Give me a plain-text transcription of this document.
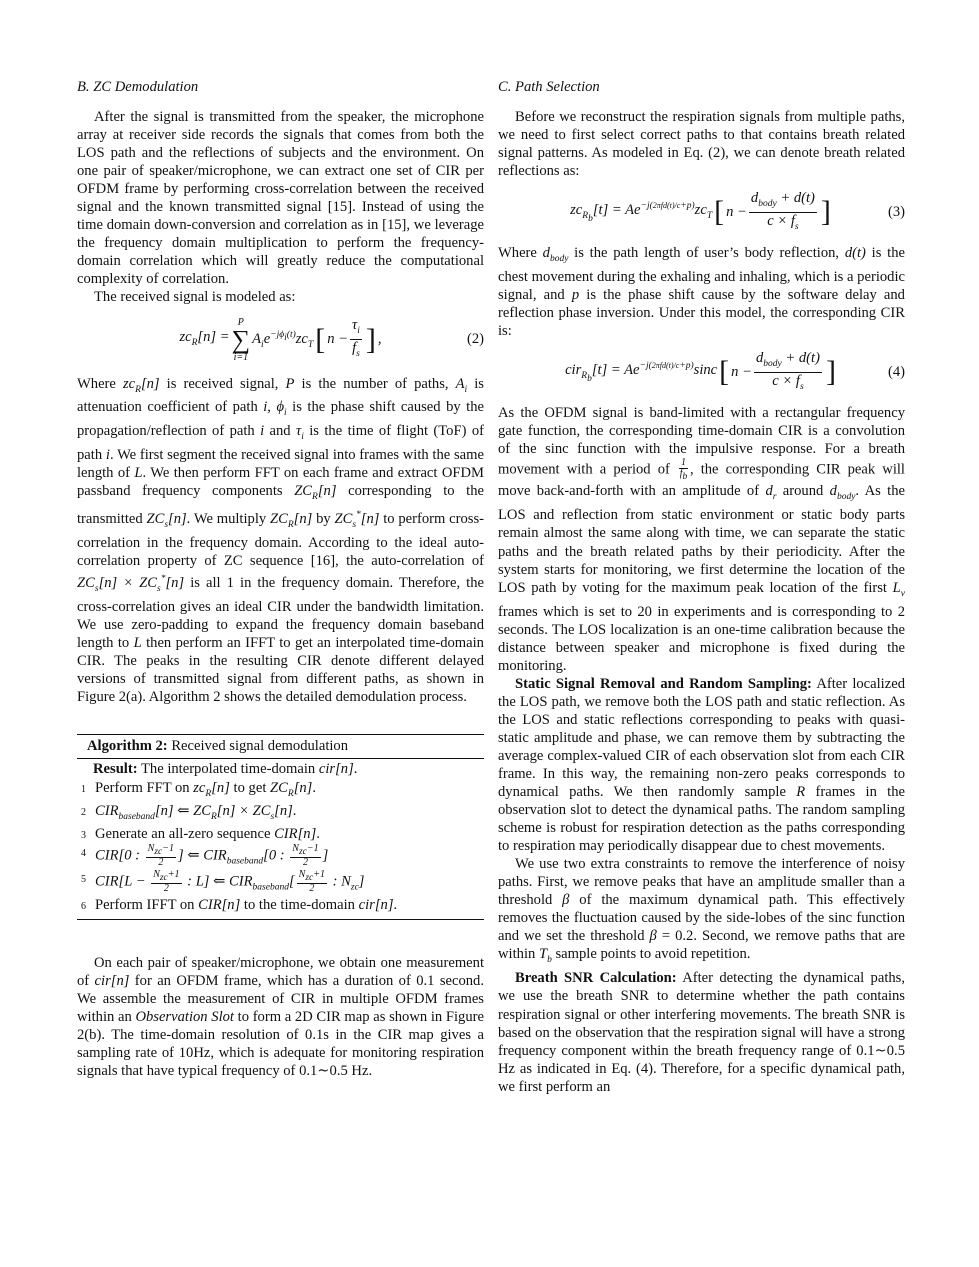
B. ZC Demodulation

After the signal is transmitted from the speaker, the microphone array at receiver side records the signals that comes from both the LOS path and the reflections of subjects and the environment. On one pair of speaker/microphone, we can extract one set of CIR per OFDM frame by performing cross-correlation between the received signal and the known transmitted signal [15]. Instead of using the time domain down-conversion and correlation as in [15], we leverage the frequency domain multiplication to perform the frequency-domain correlation which will greatly reduce the computational complexity of correlation.

The received signal is modeled as:

$zc_R[n]$ =
P
∑
i=1
$A_ie^{-j\phi_i(t)}zc_T$ [ $n - \frac{\tau_i}{f_s}$ ] ,	(2)

Where $zc_R[n]$ is received signal, P is the number of paths, $A_i$ is attenuation coefficient of path i, $\phi_i$ is the phase shift caused by the propagation/reflection of path i and $\tau_i$ is the time of flight (ToF) of path i. We first segment the received signal into frames with the same length of L. We then perform FFT on each frame and extract OFDM passband frequency components $ZC_R[n]$ corresponding to the transmitted $ZC_s[n]$. We multiply $ZC_R[n]$ by $ZC_s^*[n]$ to perform cross-correlation in the frequency domain. According to the ideal auto-correlation property of ZC sequence [16], the auto-correlation of $ZC_s[n] \times ZC_s^*[n]$ is all 1 in the frequency domain. Therefore, the cross-correlation gives an ideal CIR under the bandwidth limitation. We use zero-padding to expand the frequency domain baseband length to L then perform an IFFT to get an interpolated time-domain CIR. The peaks in the resulting CIR denote different delayed versions of transmitted signal from different paths, as shown in Figure 2(a). Algorithm 2 shows the detailed demodulation process.

Algorithm 2: Received signal demodulation
Result: The interpolated time-domain cir[n].
1 Perform FFT on $zc_R[n]$ to get $ZC_R[n]$.
2 $CIR_{baseband}[n]$ ⇐ $ZC_R[n] \times ZC_s[n]$ .
3 Generate an all-zero sequence CIR[n].
4 CIR[0 : $\frac{N_{zc}-1}{2}$ ] ⇐ $CIR_{baseband}[0$ : $\frac{N_{zc}-1}{2}$ ]
5 $CIR[L - \frac{N_{zc}+1}{2}$ : L] ⇐ $CIR_{baseband}[ \frac{N_{zc}+1}{2}$ : $N_{zc}$]
6 Perform IFFT on CIR[n] to the time-domain cir[n].

On each pair of speaker/microphone, we obtain one measurement of cir[n] for an OFDM frame, which has a duration of 0.1 second. We assemble the measurement of CIR in multiple OFDM frames within an Observation Slot to form a 2D CIR map as shown in Figure 2(b). The time-domain resolution of 0.1s in the CIR map gives a sampling rate of 10Hz, which is adequate for monitoring respiration signals that have typical frequency of 0.1∼0.5 Hz.

C. Path Selection

Before we reconstruct the respiration signals from multiple paths, we need to first select correct paths to that contains breath related signal patterns. As modeled in Eq. (2), we can denote breath related reflections as:

$zc_{R_b}[t] = Ae^{-j(2\pi fd(t)/c+p)}zc_T$ [ $n - \frac{d_{body} + d(t)}{c \times f_s}$ ]	(3)

Where $d_{body}$ is the path length of user’s body reflection, d(t) is the chest movement during the exhaling and inhaling, which is a periodic signal, and p is the phase shift cause by the software delay and reflection phase inversion. Under this model, the corresponding CIR is:

$cir_{R_b}[t] = Ae^{-j(2\pi fd(t)/c+p)}\sin c$ [ $n - \frac{d_{body} + d(t)}{c \times f_s}$ ]	(4)

As the OFDM signal is band-limited with a rectangular frequency gate function, the corresponding time-domain CIR is a convolution of the sinc function with the impulsive response. For a breath movement with a period of $\frac{1}{f_b}$ , the corresponding CIR peak will move back-and-forth with an amplitude of $d_r$ around $d_{body}$. As the LOS and reflection from static environment or static body parts remain almost the same along with time, we can separate the static paths and the breath related paths by their periodicity. After the system starts for monitoring, we first determine the location of the LOS path by voting for the maximum peak location of the first $L_v$ frames which is set to 20 in experiments and is corresponding to 2 seconds. The LOS localization is an one-time calibration because the distance between speaker and microphone is fixed during the monitoring.

Static Signal Removal and Random Sampling: After localized the LOS path, we remove both the LOS path and static reflection. As the LOS and static reflections corresponding to peaks with quasi-static amplitude and phase, we can remove them by subtracting the average complex-valued CIR of each observation slot from each CIR frame. In this way, the remaining non-zero peaks corresponds to dynamical paths. We then randomly sample R frames in the observation slot to detect the dynamical paths. The random sampling scheme is robust for respiration detection as the paths corresponding to respiration may periodically disappear due to chest movements.

We use two extra constraints to remove the interference of noisy paths. First, we remove peaks that have an amplitude smaller than a threshold β of the maximum dynamical path. This effectively removes the fluctuation caused by the side-lobes of the sinc function and we set the threshold β = 0.2. Second, we remove paths that are within $T_b$ sample points to avoid repetition.

Breath SNR Calculation: After detecting the dynamical paths, we use the breath SNR to determine whether the path contains respiration signal or other interfering movements. The breath SNR is based on the observation that the respiration signal will have a strong frequency component within the breath frequency range of 0.1∼0.5 Hz as indicated in Eq. (4). Therefore, for a specific dynamical path, we first perform an
